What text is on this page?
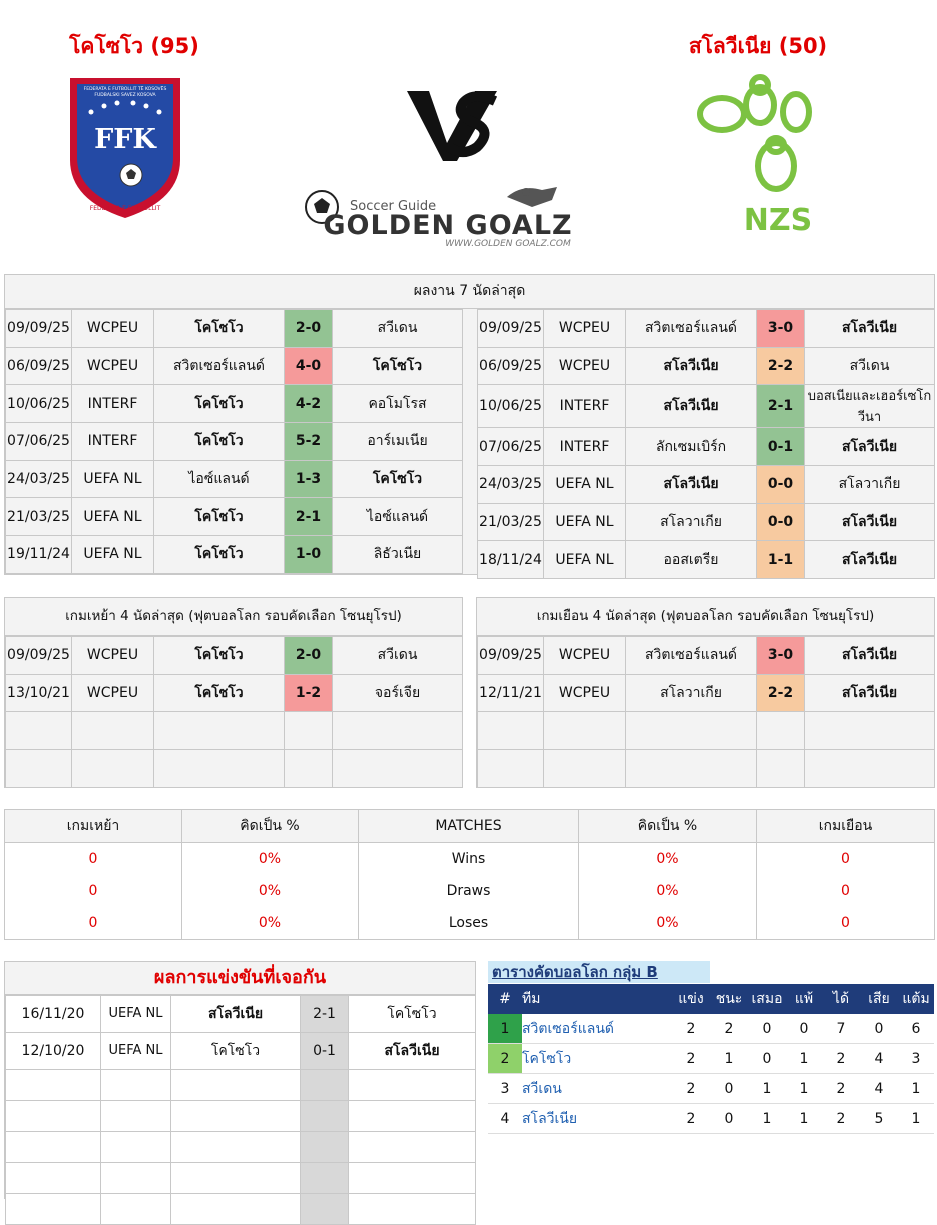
โคโซโว (95)	สโลวีเนีย (50)
FEDERATA E FUTBOLLIT TË KOSOVËS
FUDBALSKI SAVEZ KOSOVA
FFK
FEDERATA E FUTBOLLIT	Soccer Guide
GOLDEN GOALZ
WWW.GOLDEN GOALZ.COM
NZS
ผลงาน 7 นัดล่าสุด
09/09/25	WCPEU	โคโซโว	2-0	สวีเดน
06/09/25	WCPEU	สวิตเซอร์แลนด์	4-0	โคโซโว
10/06/25	INTERF	โคโซโว	4-2	คอโมโรส
07/06/25	INTERF	โคโซโว	5-2	อาร์เมเนีย
24/03/25	UEFA NL	ไอซ์แลนด์	1-3	โคโซโว
21/03/25	UEFA NL	โคโซโว	2-1	ไอซ์แลนด์
19/11/24	UEFA NL	โคโซโว	1-0	ลิธัวเนีย
09/09/25	WCPEU	สวิตเซอร์แลนด์	3-0	สโลวีเนีย
06/09/25	WCPEU	สโลวีเนีย	2-2	สวีเดน
10/06/25	INTERF	สโลวีเนีย	2-1	บอสเนียและเฮอร์เซโกวีนา
07/06/25	INTERF	ลักเซมเบิร์ก	0-1	สโลวีเนีย
24/03/25	UEFA NL	สโลวีเนีย	0-0	สโลวาเกีย
21/03/25	UEFA NL	สโลวาเกีย	0-0	สโลวีเนีย
18/11/24	UEFA NL	ออสเตรีย	1-1	สโลวีเนีย
เกมเหย้า 4 นัดล่าสุด (ฟุตบอลโลก รอบคัดเลือก โซนยุโรป)
09/09/25	WCPEU	โคโซโว	2-0	สวีเดน
13/10/21	WCPEU	โคโซโว	1-2	จอร์เจีย

เกมเยือน 4 นัดล่าสุด (ฟุตบอลโลก รอบคัดเลือก โซนยุโรป)
09/09/25	WCPEU	สวิตเซอร์แลนด์	3-0	สโลวีเนีย
12/11/21	WCPEU	สโลวาเกีย	2-2	สโลวีเนีย

เกมเหย้า	คิดเป็น %	MATCHES	คิดเป็น %	เกมเยือน
0	0%	Wins	0%	0
0	0%	Draws	0%	0
0	0%	Loses	0%	0
ผลการแข่งขันที่เจอกัน
16/11/20	UEFA NL	สโลวีเนีย	2-1	โคโซโว
12/10/20	UEFA NL	โคโซโว	0-1	สโลวีเนีย

ตารางคัดบอลโลก กลุ่ม B
#	ทีม	แข่ง	ชนะ	เสมอ	แพ้	ได้	เสีย	แต้ม
1	สวิตเซอร์แลนด์	2	2	0	0	7	0	6
2	โคโซโว	2	1	0	1	2	4	3
3	สวีเดน	2	0	1	1	2	4	1
4	สโลวีเนีย	2	0	1	1	2	5	1
